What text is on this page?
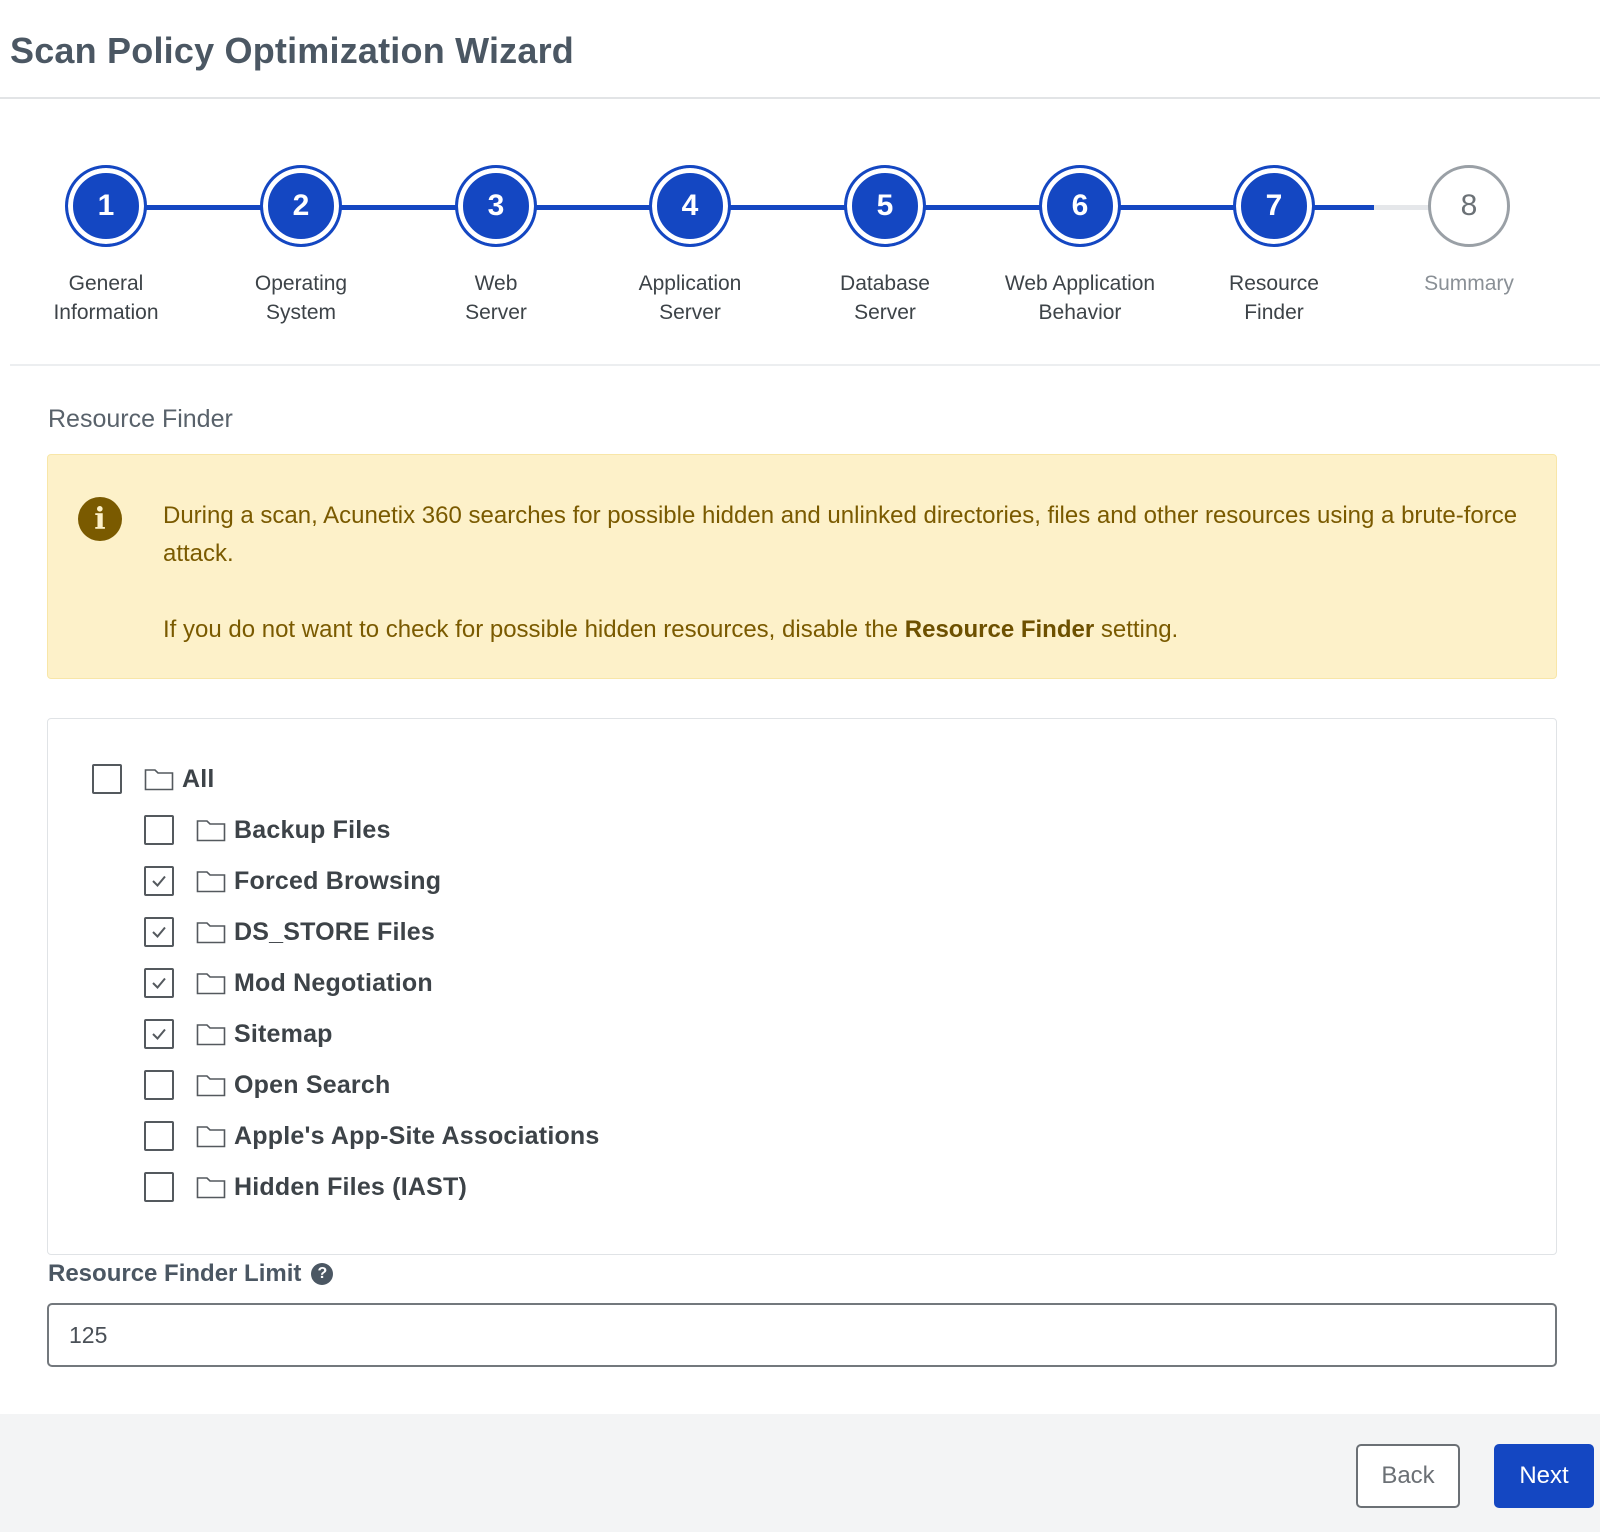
Scan Policy Optimization Wizard
1
General
Information
2
Operating
System
3
Web
Server
4
Application
Server
5
Database
Server
6
Web Application
Behavior
7
Resource
Finder
8
Summary
Resource Finder
i	During a scan, Acunetix 360 searches for possible hidden and unlinked directories, files and other resources using a brute-force attack.

If you do not want to check for possible hidden resources, disable the Resource Finder setting.

All
Backup Files
Forced Browsing
DS_STORE Files
Mod Negotiation
Sitemap
Open Search
Apple's App-Site Associations
Hidden Files (IAST)
Resource Finder Limit	?
125
Back	Next
